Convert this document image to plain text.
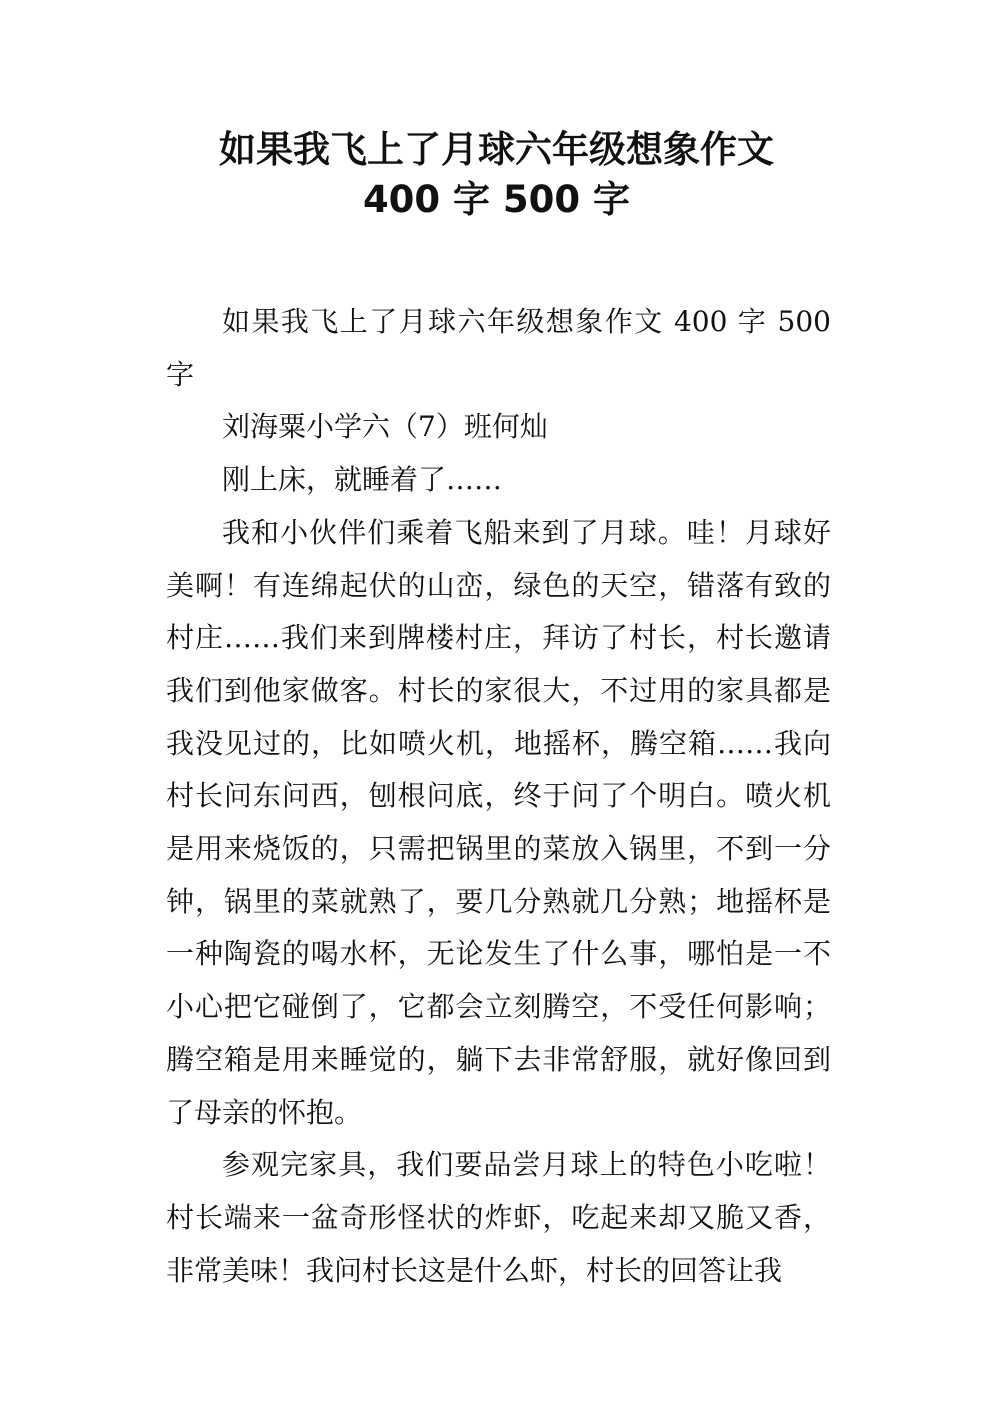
如果我飞上了月球六年级想象作文
400 字 500 字

如果我飞上了月球六年级想象作文 400 字 500 字

刘海粟小学六（7）班何灿

刚上床，就睡着了……

我和小伙伴们乘着飞船来到了月球。哇！月球好美啊！有连绵起伏的山峦，绿色的天空，错落有致的村庄……我们来到牌楼村庄，拜访了村长，村长邀请我们到他家做客。村长的家很大，不过用的家具都是我没见过的，比如喷火机，地摇杯，腾空箱……我向村长问东问西，刨根问底，终于问了个明白。喷火机是用来烧饭的，只需把锅里的菜放入锅里，不到一分钟，锅里的菜就熟了，要几分熟就几分熟；地摇杯是一种陶瓷的喝水杯，无论发生了什么事，哪怕是一不小心把它碰倒了，它都会立刻腾空，不受任何影响；腾空箱是用来睡觉的，躺下去非常舒服，就好像回到了母亲的怀抱。

参观完家具，我们要品尝月球上的特色小吃啦！村长端来一盆奇形怪状的炸虾，吃起来却又脆又香，非常美味！我问村长这是什么虾，村长的回答让我
